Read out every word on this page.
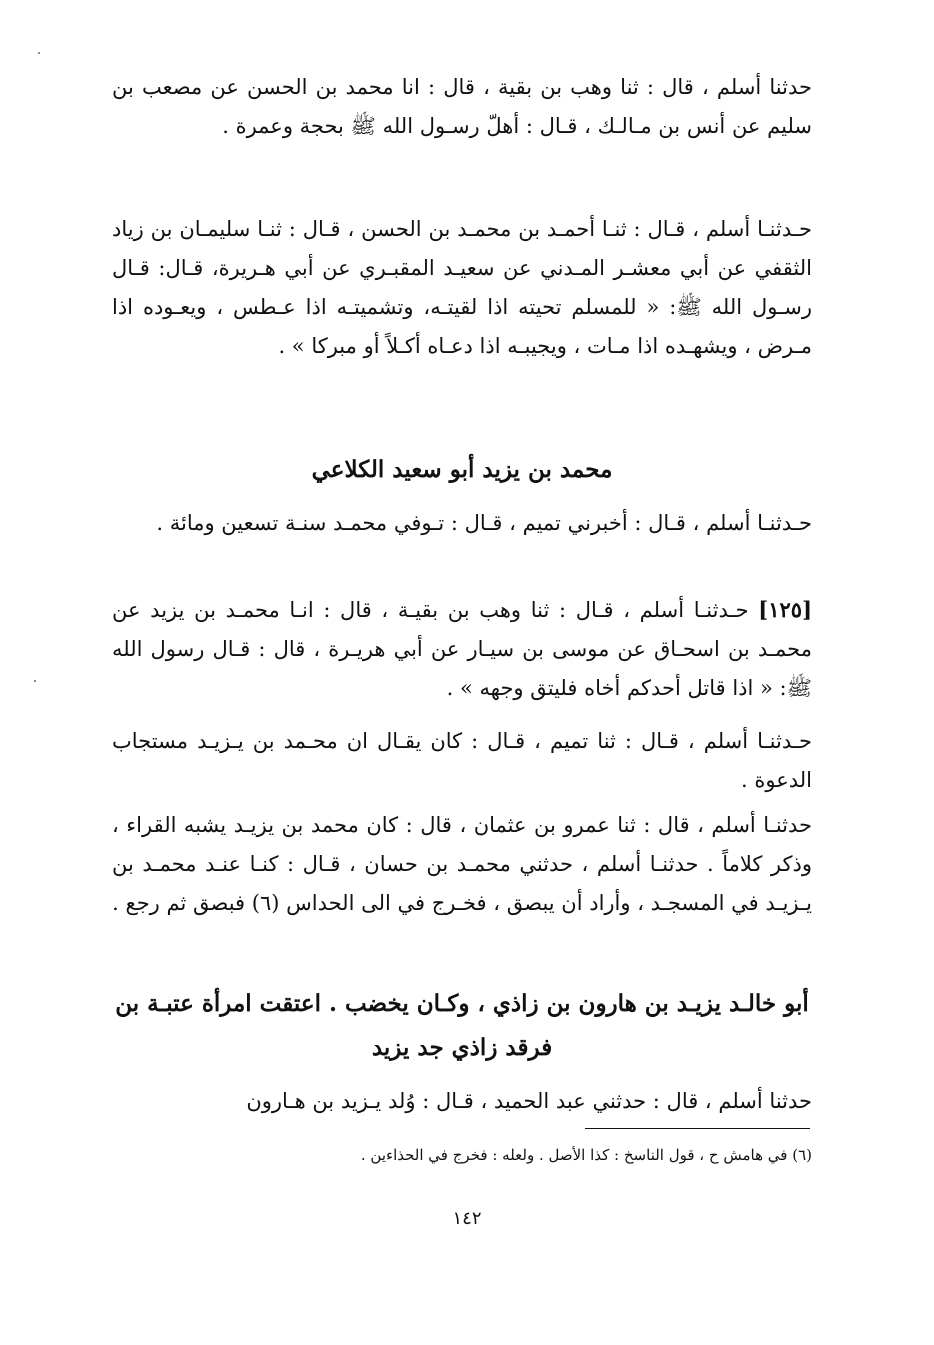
حدثنا أسلم ، قال : ثنا وهب بن بقية ، قال : انا محمد بن الحسن عن مصعب بن سليم عن أنس بن مـالـك ، قـال : أهلّ رسـول الله ﷺ بحجة وعمرة .

حـدثنـا أسلم ، قـال : ثنـا أحمـد بن محمـد بن الحسن ، قـال : ثنـا سليمـان بن زياد الثقفي عن أبي معشـر المـدني عن سعيـد المقبـري عن أبي هـريرة، قـال: قـال رسـول الله ﷺ: « للمسلم تحيته اذا لقيتـه، وتشميتـه اذا عـطس ، ويعـوده اذا مـرض ، ويشهـده اذا مـات ، ويجيبـه اذا دعـاه أكـلاً أو مبركا » .

محمد بن يزيد أبو سعيد الكلاعي

حـدثنـا أسلم ، قـال : أخبرني تميم ، قـال : تـوفي محمـد سنـة تسعين ومائة .

[١٢٥] حـدثنـا أسلم ، قـال : ثنا وهب بن بقيـة ، قال : انـا محمـد بن يزيد عن محمـد بن اسحـاق عن موسى بن سيـار عن أبي هريـرة ، قال : قـال رسول الله ﷺ: « اذا قاتل أحدكم أخاه فليتق وجهه » .

حـدثنـا أسلم ، قـال : ثنا تميم ، قـال : كان يقـال ان محـمد بن يـزيـد مستجاب الدعوة .

حدثنـا أسلم ، قال : ثنا عمرو بن عثمان ، قال : كان محمد بن يزيـد يشبه القراء ، وذكر كلاماً . حدثنـا أسلم ، حدثني محمـد بن حسان ، قـال : كنـا عنـد محمـد بن يـزيـد في المسجـد ، وأراد أن يبصق ، فخـرج في الى الحداس (٦) فبصق ثم رجع .

أبو خالـد يزيـد بن هارون بن زاذي ، وكـان يخضب . اعتقت امرأة عتبـة بن فرقد زاذي جد يزيد

حدثنا أسلم ، قال : حدثني عبد الحميد ، قـال : وُلد يـزيد بن هـارون

(٦) في هامش ح ، قول الناسخ : كذا الأصل . ولعله : فخرج في الحذاءين .
١٤٢
